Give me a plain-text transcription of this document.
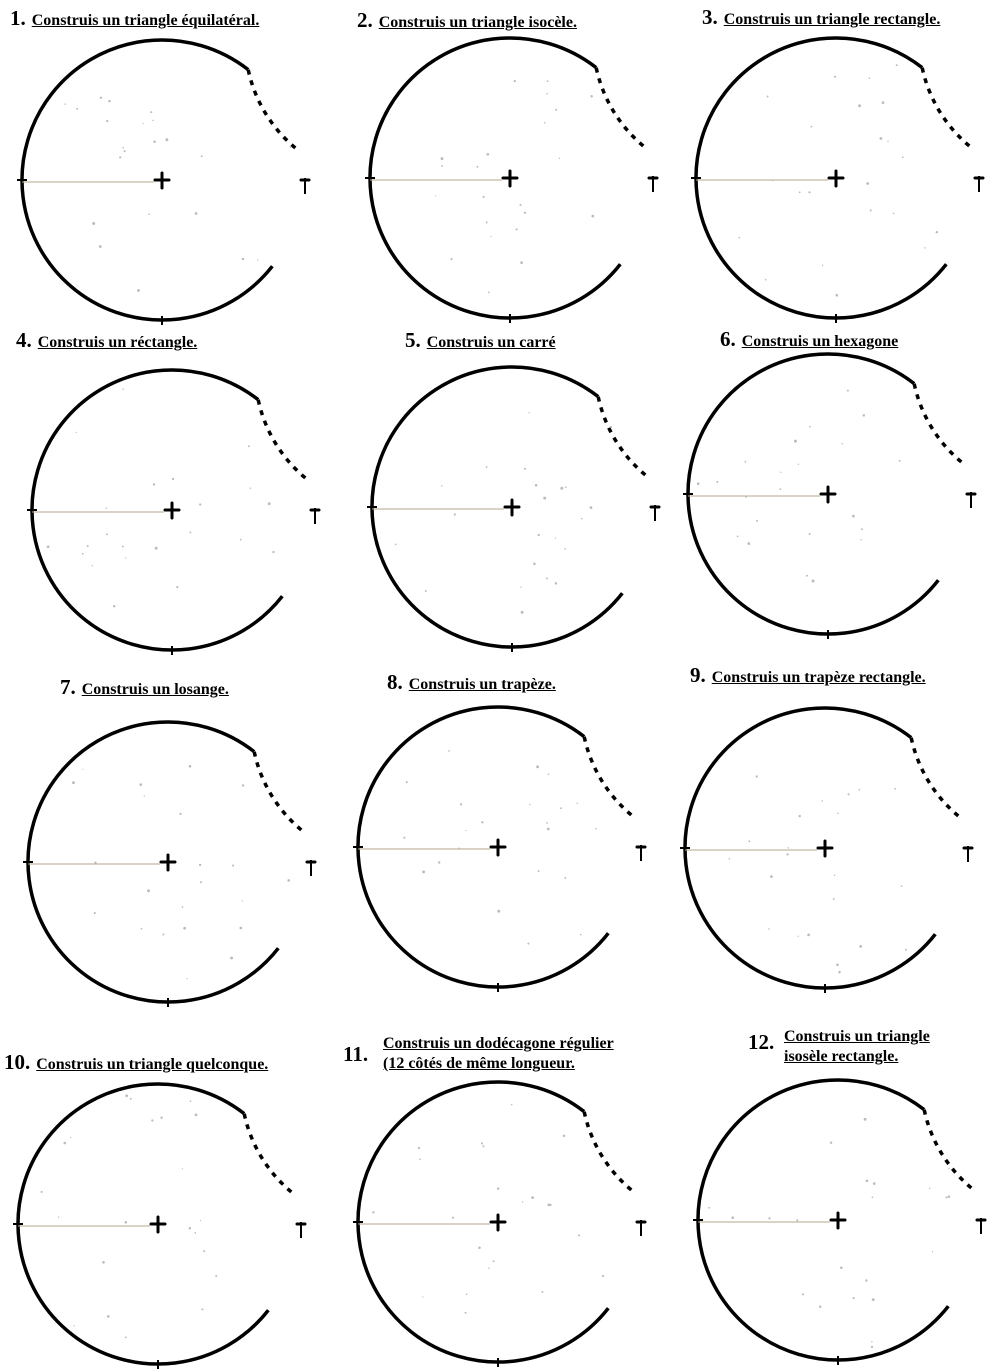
1. Construis un triangle équilatéral.	2. Construis un triangle isocèle.	3. Construis un triangle rectangle.
4. Construis un réctangle.	5. Construis un carré	6. Construis un hexagone
7. Construis un losange.	8. Construis un trapèze.	9. Construis un trapèze rectangle.
10. Construis un triangle quelconque.	11. Construis un dodécagone régulier
(12 côtés de même longueur.
12. Construis un triangle
isosèle rectangle.
